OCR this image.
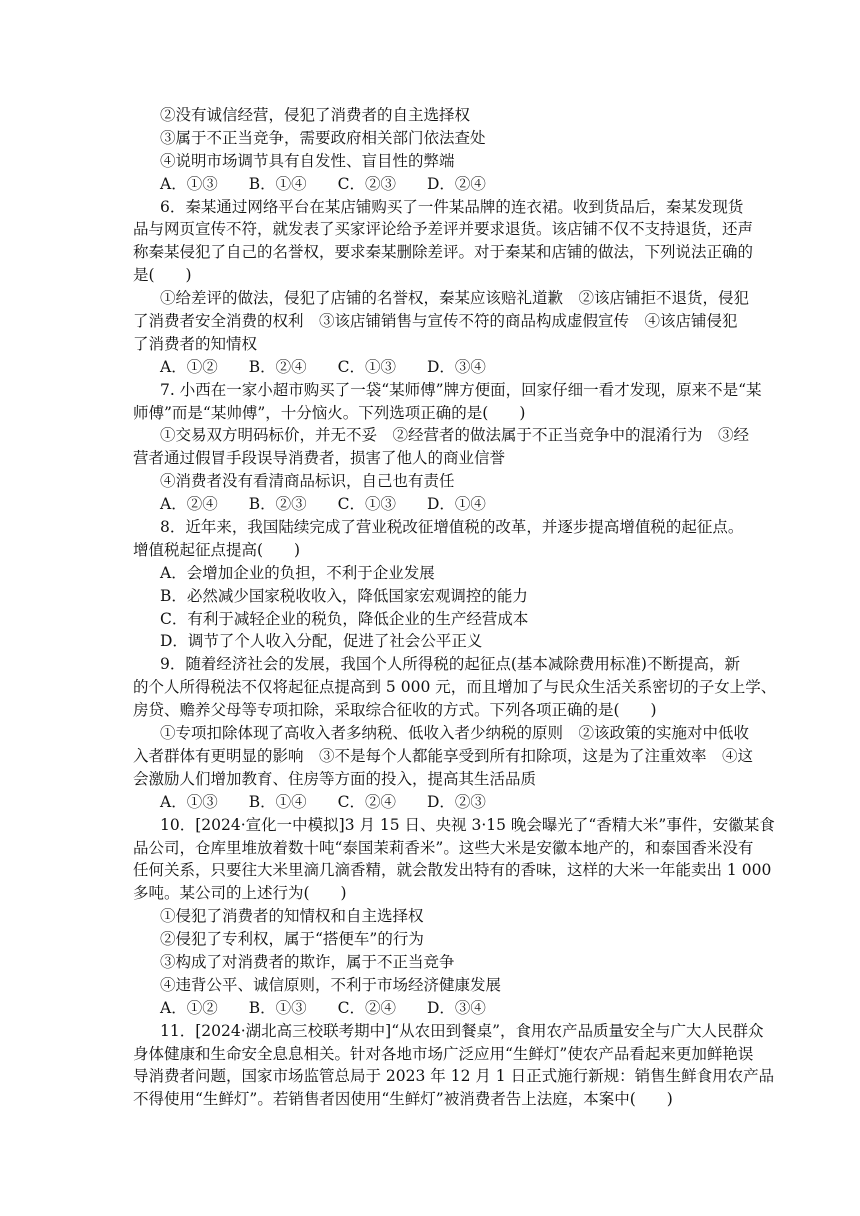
②没有诚信经营，侵犯了消费者的自主选择权
③属于不正当竞争，需要政府相关部门依法查处
④说明市场调节具有自发性、盲目性的弊端
A．①③　　B．①④　　C．②③　　D．②④
6．秦某通过网络平台在某店铺购买了一件某品牌的连衣裙。收到货品后，秦某发现货
品与网页宣传不符，就发表了买家评论给予差评并要求退货。该店铺不仅不支持退货，还声
称秦某侵犯了自己的名誉权，要求秦某删除差评。对于秦某和店铺的做法，下列说法正确的
是(　　)
①给差评的做法，侵犯了店铺的名誉权，秦某应该赔礼道歉　②该店铺拒不退货，侵犯
了消费者安全消费的权利　③该店铺销售与宣传不符的商品构成虚假宣传　④该店铺侵犯
了消费者的知情权
A．①②　　B．②④　　C．①③　　D．③④
7. 小西在一家小超市购买了一袋“某师傅”牌方便面，回家仔细一看才发现，原来不是“某
师傅”而是“某帅傅”，十分恼火。下列选项正确的是(　　)
①交易双方明码标价，并无不妥　②经营者的做法属于不正当竞争中的混淆行为　③经
营者通过假冒手段误导消费者，损害了他人的商业信誉
④消费者没有看清商品标识，自己也有责任
A．②④　　B．②③　　C．①③　　D．①④
8．近年来，我国陆续完成了营业税改征增值税的改革，并逐步提高增值税的起征点。
增值税起征点提高(　　)
A．会增加企业的负担，不利于企业发展
B．必然减少国家税收收入，降低国家宏观调控的能力
C．有利于减轻企业的税负，降低企业的生产经营成本
D．调节了个人收入分配，促进了社会公平正义
9．随着经济社会的发展，我国个人所得税的起征点(基本减除费用标准)不断提高，新
的个人所得税法不仅将起征点提高到 5 000 元，而且增加了与民众生活关系密切的子女上学、
房贷、赡养父母等专项扣除，采取综合征收的方式。下列各项正确的是(　　)
①专项扣除体现了高收入者多纳税、低收入者少纳税的原则　②该政策的实施对中低收
入者群体有更明显的影响　③不是每个人都能享受到所有扣除项，这是为了注重效率　④这
会激励人们增加教育、住房等方面的投入，提高其生活品质
A．①③　　B．①④　　C．②④　　D．②③
10．[2024·宣化一中模拟]3 月 15 日、央视 3·15 晚会曝光了“香精大米”事件，安徽某食
品公司，仓库里堆放着数十吨“泰国茉莉香米”。这些大米是安徽本地产的，和泰国香米没有
任何关系，只要往大米里滴几滴香精，就会散发出特有的香味，这样的大米一年能卖出 1 000
多吨。某公司的上述行为(　　)
①侵犯了消费者的知情权和自主选择权
②侵犯了专利权，属于“搭便车”的行为
③构成了对消费者的欺诈，属于不正当竞争
④违背公平、诚信原则，不利于市场经济健康发展
A．①②　　B．①③　　C．②④　　D．③④
11．[2024·湖北高三校联考期中]“从农田到餐桌”，食用农产品质量安全与广大人民群众
身体健康和生命安全息息相关。针对各地市场广泛应用“生鲜灯”使农产品看起来更加鲜艳误
导消费者问题，国家市场监管总局于 2023 年 12 月 1 日正式施行新规：销售生鲜食用农产品
不得使用“生鲜灯”。若销售者因使用“生鲜灯”被消费者告上法庭，本案中(　　)
